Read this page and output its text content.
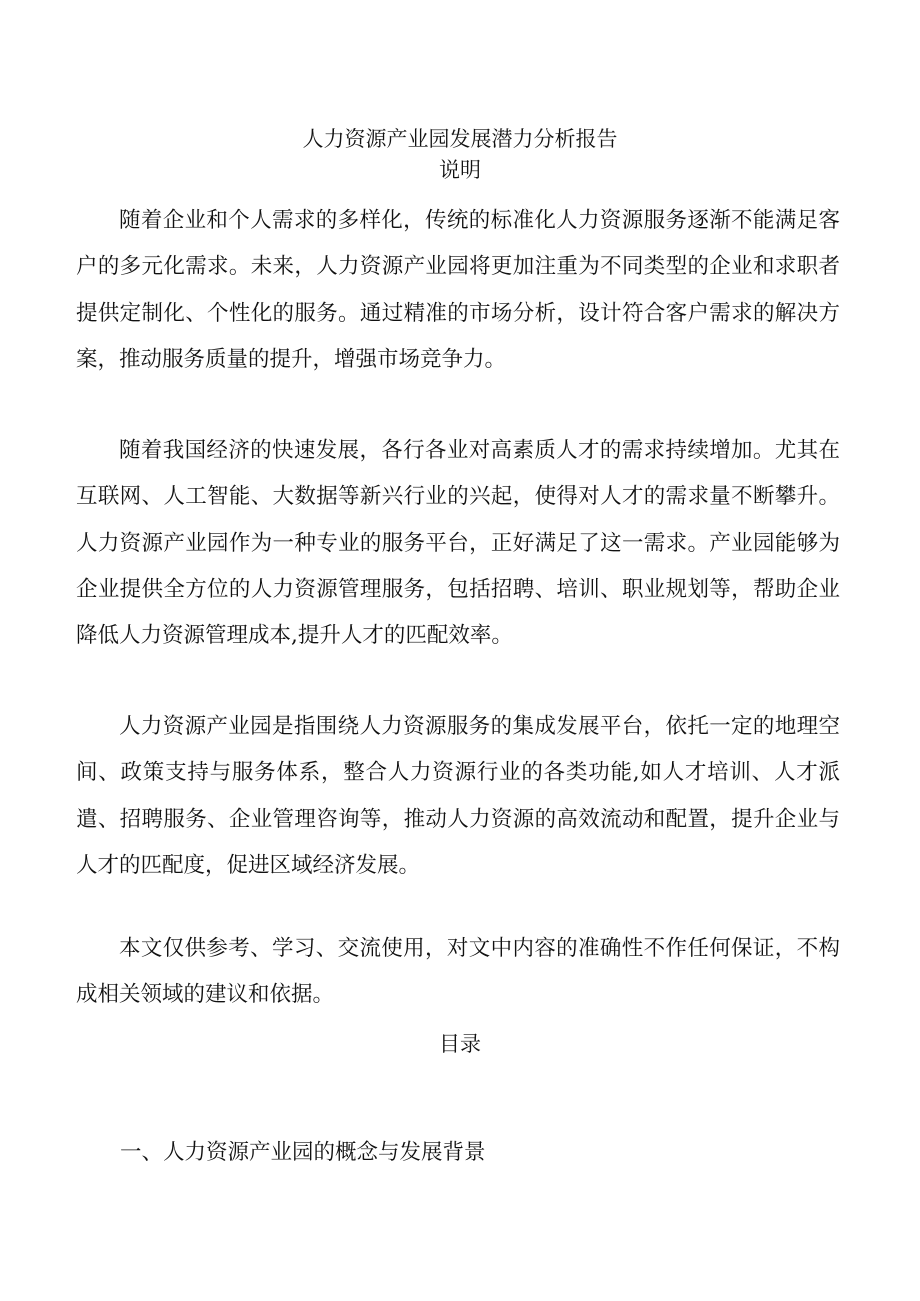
人力资源产业园发展潜力分析报告
说明
随着企业和个人需求的多样化，传统的标准化人力资源服务逐渐不能满足客户的多元化需求。未来，人力资源产业园将更加注重为不同类型的企业和求职者提供定制化、个性化的服务。通过精准的市场分析，设计符合客户需求的解决方案，推动服务质量的提升，增强市场竞争力。
随着我国经济的快速发展，各行各业对高素质人才的需求持续增加。尤其在互联网、人工智能、大数据等新兴行业的兴起，使得对人才的需求量不断攀升。人力资源产业园作为一种专业的服务平台，正好满足了这一需求。产业园能够为企业提供全方位的人力资源管理服务，包括招聘、培训、职业规划等，帮助企业降低人力资源管理成本,提升人才的匹配效率。
人力资源产业园是指围绕人力资源服务的集成发展平台，依托一定的地理空间、政策支持与服务体系，整合人力资源行业的各类功能,如人才培训、人才派遣、招聘服务、企业管理咨询等，推动人力资源的高效流动和配置，提升企业与人才的匹配度，促进区域经济发展。
本文仅供参考、学习、交流使用，对文中内容的准确性不作任何保证，不构成相关领域的建议和依据。
目录
一、人力资源产业园的概念与发展背景
